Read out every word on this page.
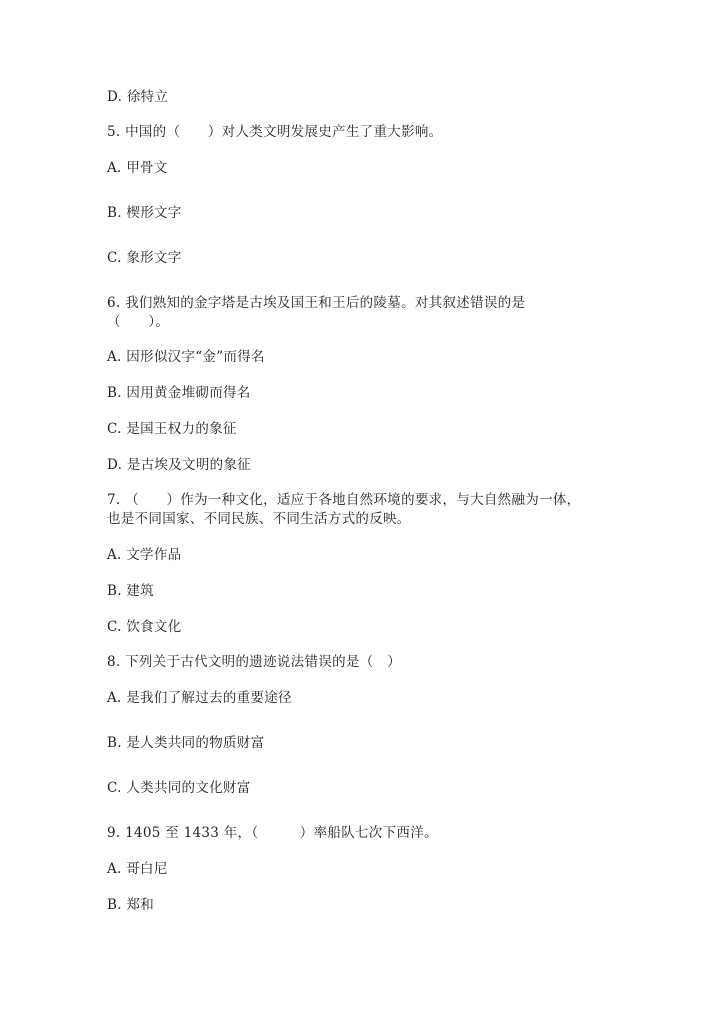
D. 徐特立
5. 中国的（　　）对人类文明发展史产生了重大影响。
A. 甲骨文
B. 楔形文字
C. 象形文字
6. 我们熟知的金字塔是古埃及国王和王后的陵墓。对其叙述错误的是
（　　）。
A. 因形似汉字“金”而得名
B. 因用黄金堆砌而得名
C. 是国王权力的象征
D. 是古埃及文明的象征
7. （　　）作为一种文化，适应于各地自然环境的要求，与大自然融为一体，
也是不同国家、不同民族、不同生活方式的反映。
A. 文学作品
B. 建筑
C. 饮食文化
8. 下列关于古代文明的遗迹说法错误的是（　）
A. 是我们了解过去的重要途径
B. 是人类共同的物质财富
C. 人类共同的文化财富
9. 1405 至 1433 年，（　　　）率船队七次下西洋。
A. 哥白尼
B. 郑和
